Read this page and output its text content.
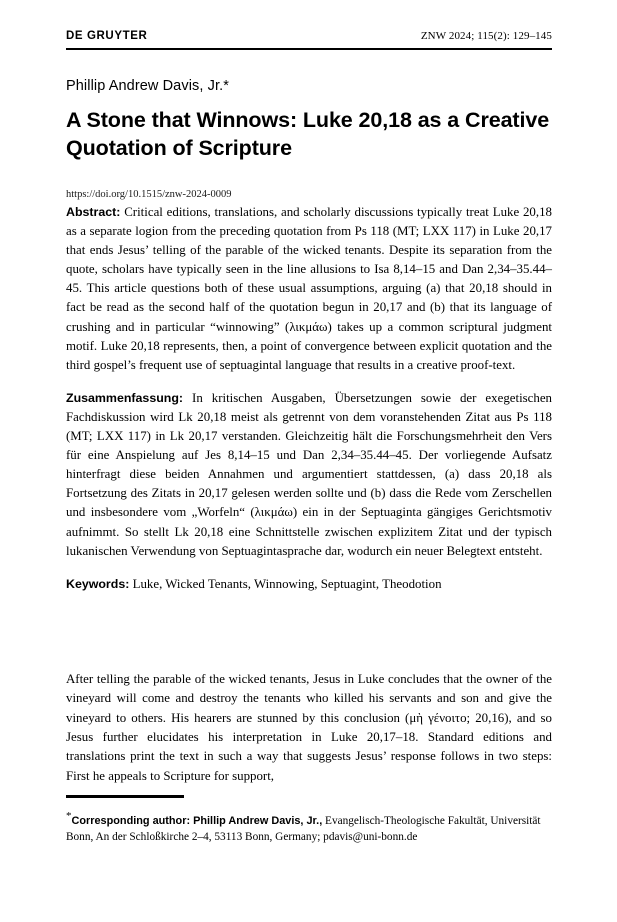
DE GRUYTER	ZNW 2024; 115(2): 129–145
Phillip Andrew Davis, Jr.*
A Stone that Winnows: Luke 20,18 as a Creative Quotation of Scripture
https://doi.org/10.1515/znw-2024-0009

Abstract: Critical editions, translations, and scholarly discussions typically treat Luke 20,18 as a separate logion from the preceding quotation from Ps 118 (MT; LXX 117) in Luke 20,17 that ends Jesus’ telling of the parable of the wicked tenants. Despite its separation from the quote, scholars have typically seen in the line allusions to Isa 8,14–15 and Dan 2,34–35.44–45. This article questions both of these usual assumptions, arguing (a) that 20,18 should in fact be read as the second half of the quotation begun in 20,17 and (b) that its language of crushing and in particular “winnowing” (λικμάω) takes up a common scriptural judgment motif. Luke 20,18 represents, then, a point of convergence between explicit quotation and the third gospel’s frequent use of septuagintal language that results in a creative proof-text.

Zusammenfassung: In kritischen Ausgaben, Übersetzungen sowie der exegetischen Fachdiskussion wird Lk 20,18 meist als getrennt von dem voranstehenden Zitat aus Ps 118 (MT; LXX 117) in Lk 20,17 verstanden. Gleichzeitig hält die Forschungsmehrheit den Vers für eine Anspielung auf Jes 8,14–15 und Dan 2,34–35.44–45. Der vorliegende Aufsatz hinterfragt diese beiden Annahmen und argumentiert stattdessen, (a) dass 20,18 als Fortsetzung des Zitats in 20,17 gelesen werden sollte und (b) dass die Rede vom Zerschellen und insbesondere vom „Worfeln“ (λικμάω) ein in der Septuaginta gängiges Gerichtsmotiv aufnimmt. So stellt Lk 20,18 eine Schnittstelle zwischen explizitem Zitat und der typisch lukanischen Verwendung von Septuagintasprache dar, wodurch ein neuer Belegtext entsteht.

Keywords: Luke, Wicked Tenants, Winnowing, Septuagint, Theodotion

After telling the parable of the wicked tenants, Jesus in Luke concludes that the owner of the vineyard will come and destroy the tenants who killed his servants and son and give the vineyard to others. His hearers are stunned by this conclusion (μὴ γένοιτο; 20,16), and so Jesus further elucidates his interpretation in Luke 20,17–18. Standard editions and translations print the text in such a way that suggests Jesus’ response follows in two steps: First he appeals to Scripture for support,

*Corresponding author: Phillip Andrew Davis, Jr., Evangelisch-Theologische Fakultät, Universität Bonn, An der Schloßkirche 2–4, 53113 Bonn, Germany; pdavis@uni-bonn.de
